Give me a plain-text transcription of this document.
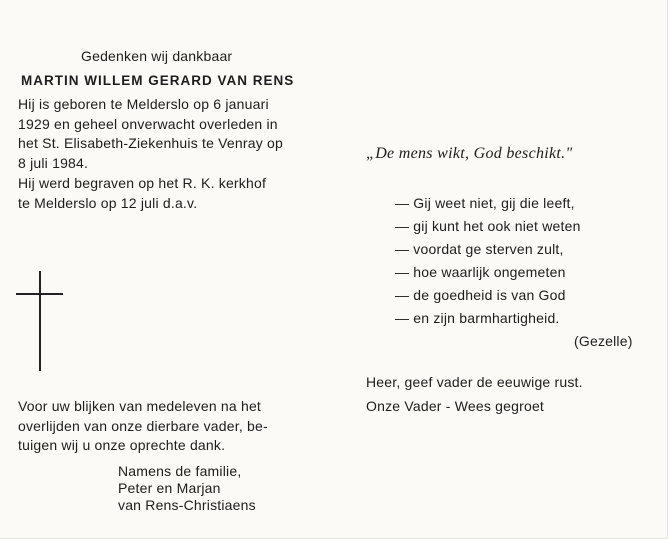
Gedenken wij dankbaar
MARTIN WILLEM GERARD VAN RENS
Hij is geboren te Melderslo op 6 januari
1929 en geheel onverwacht overleden in
het St. Elisabeth-Ziekenhuis te Venray op
8 juli 1984.
Hij werd begraven op het R. K. kerkhof
te Melderslo op 12 juli d.a.v.
Voor uw blijken van medeleven na het
overlijden van onze dierbare vader, be-
tuigen wij u onze oprechte dank.
Namens de familie,
Peter en Marjan
van Rens-Christiaens
„De mens wikt, God beschikt."
— Gij weet niet, gij die leeft,
— gij kunt het ook niet weten
— voordat ge sterven zult,
— hoe waarlijk ongemeten
— de goedheid is van God
— en zijn barmhartigheid.
(Gezelle)
Heer, geef vader de eeuwige rust.
Onze Vader - Wees gegroet
